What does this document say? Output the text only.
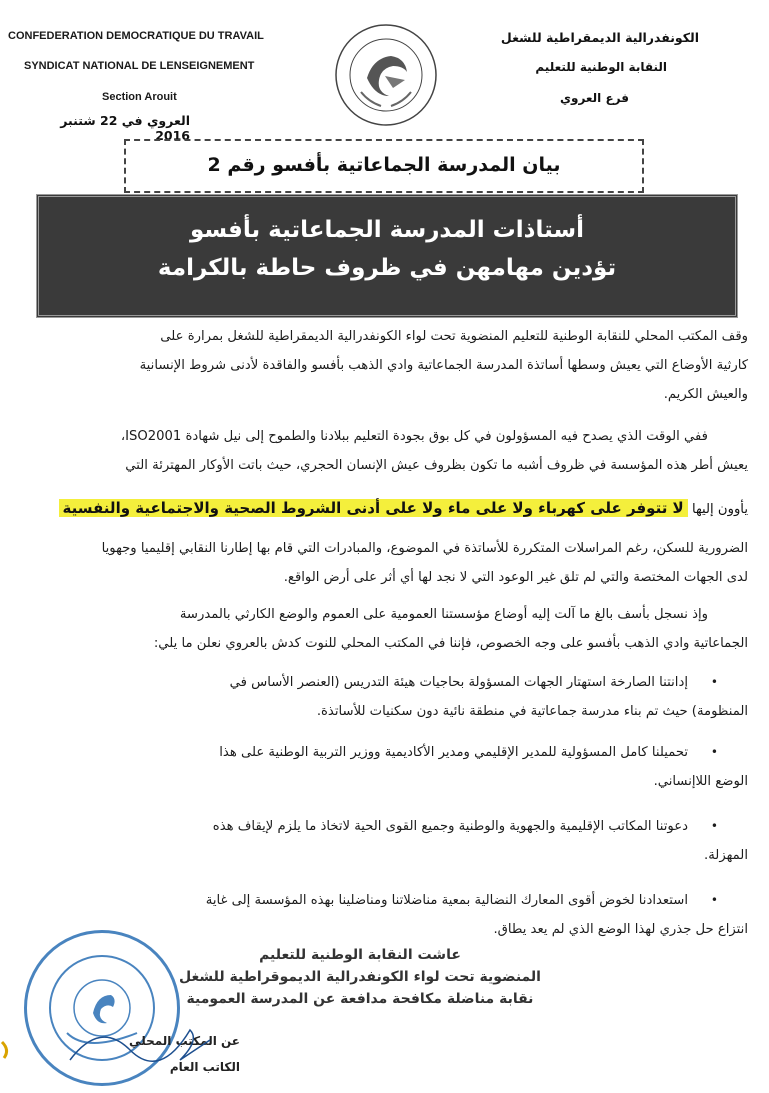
CONFEDERATION DEMOCRATIQUE DU TRAVAIL
SYNDICAT NATIONAL DE LENSEIGNEMENT
Section Arouit
العروي في 22 شتنبر 2016
الكونفدرالية الديمقراطية للشغل
النقابة الوطنية للتعليم
فرع العروي
بيان المدرسة الجماعاتية بأفسو رقم 2
أستاذات المدرسة الجماعاتية بأفسو
تؤدين مهامهن في ظروف حاطة بالكرامة
وقف المكتب المحلي للنقابة الوطنية للتعليم المنضوية تحت لواء الكونفدرالية الديمقراطية للشغل بمرارة على
كارثية الأوضاع التي يعيش وسطها أساتذة المدرسة الجماعاتية وادي الذهب بأفسو والفاقدة لأدنى شروط الإنسانية
والعيش الكريم.
ففي الوقت الذي يصدح فيه المسؤولون في كل بوق بجودة التعليم ببلادنا والطموح إلى نيل شهادة ISO2001،
يعيش أطر هذه المؤسسة في ظروف أشبه ما تكون بظروف عيش الإنسان الحجري، حيث باتت الأوكار المهترئة التي
يأوون إليها لا تتوفر على كهرباء ولا على ماء ولا على أدنى الشروط الصحية والاجتماعية والنفسية
الضرورية للسكن، رغم المراسلات المتكررة للأساتذة في الموضوع، والمبادرات التي قام بها إطارنا النقابي إقليميا وجهويا
لدى الجهات المختصة والتي لم تلق غير الوعود التي لا نجد لها أي أثر على أرض الواقع.
وإذ نسجل بأسف بالغ ما آلت إليه أوضاع مؤسستنا العمومية على العموم والوضع الكارثي بالمدرسة
الجماعاتية وادي الذهب بأفسو على وجه الخصوص، فإننا في المكتب المحلي للنوت كدش بالعروي نعلن ما يلي:
•
إدانتنا الصارخة استهتار الجهات المسؤولة بحاجيات هيئة التدريس (العنصر الأساس في
المنظومة) حيث تم بناء مدرسة جماعاتية في منطقة نائية دون سكنيات للأساتذة.
•
تحميلنا كامل المسؤولية للمدير الإقليمي ومدير الأكاديمية ووزير التربية الوطنية على هذا
الوضع اللاإنساني.
•
دعوتنا المكاتب الإقليمية والجهوية والوطنية وجميع القوى الحية لاتخاذ ما يلزم لإيقاف هذه
المهزلة.
•
استعدادنا لخوض أقوى المعارك النضالية بمعية مناضلاتنا ومناضلينا بهذه المؤسسة إلى غاية
انتزاع حل جذري لهذا الوضع الذي لم يعد يطاق.
عاشت النقابة الوطنية للتعليم
المنضوية تحت لواء الكونفدرالية الديموقراطية للشغل
نقابة مناضلة مكافحة مدافعة عن المدرسة العمومية
عن المكتب المحلي
الكاتب العام
